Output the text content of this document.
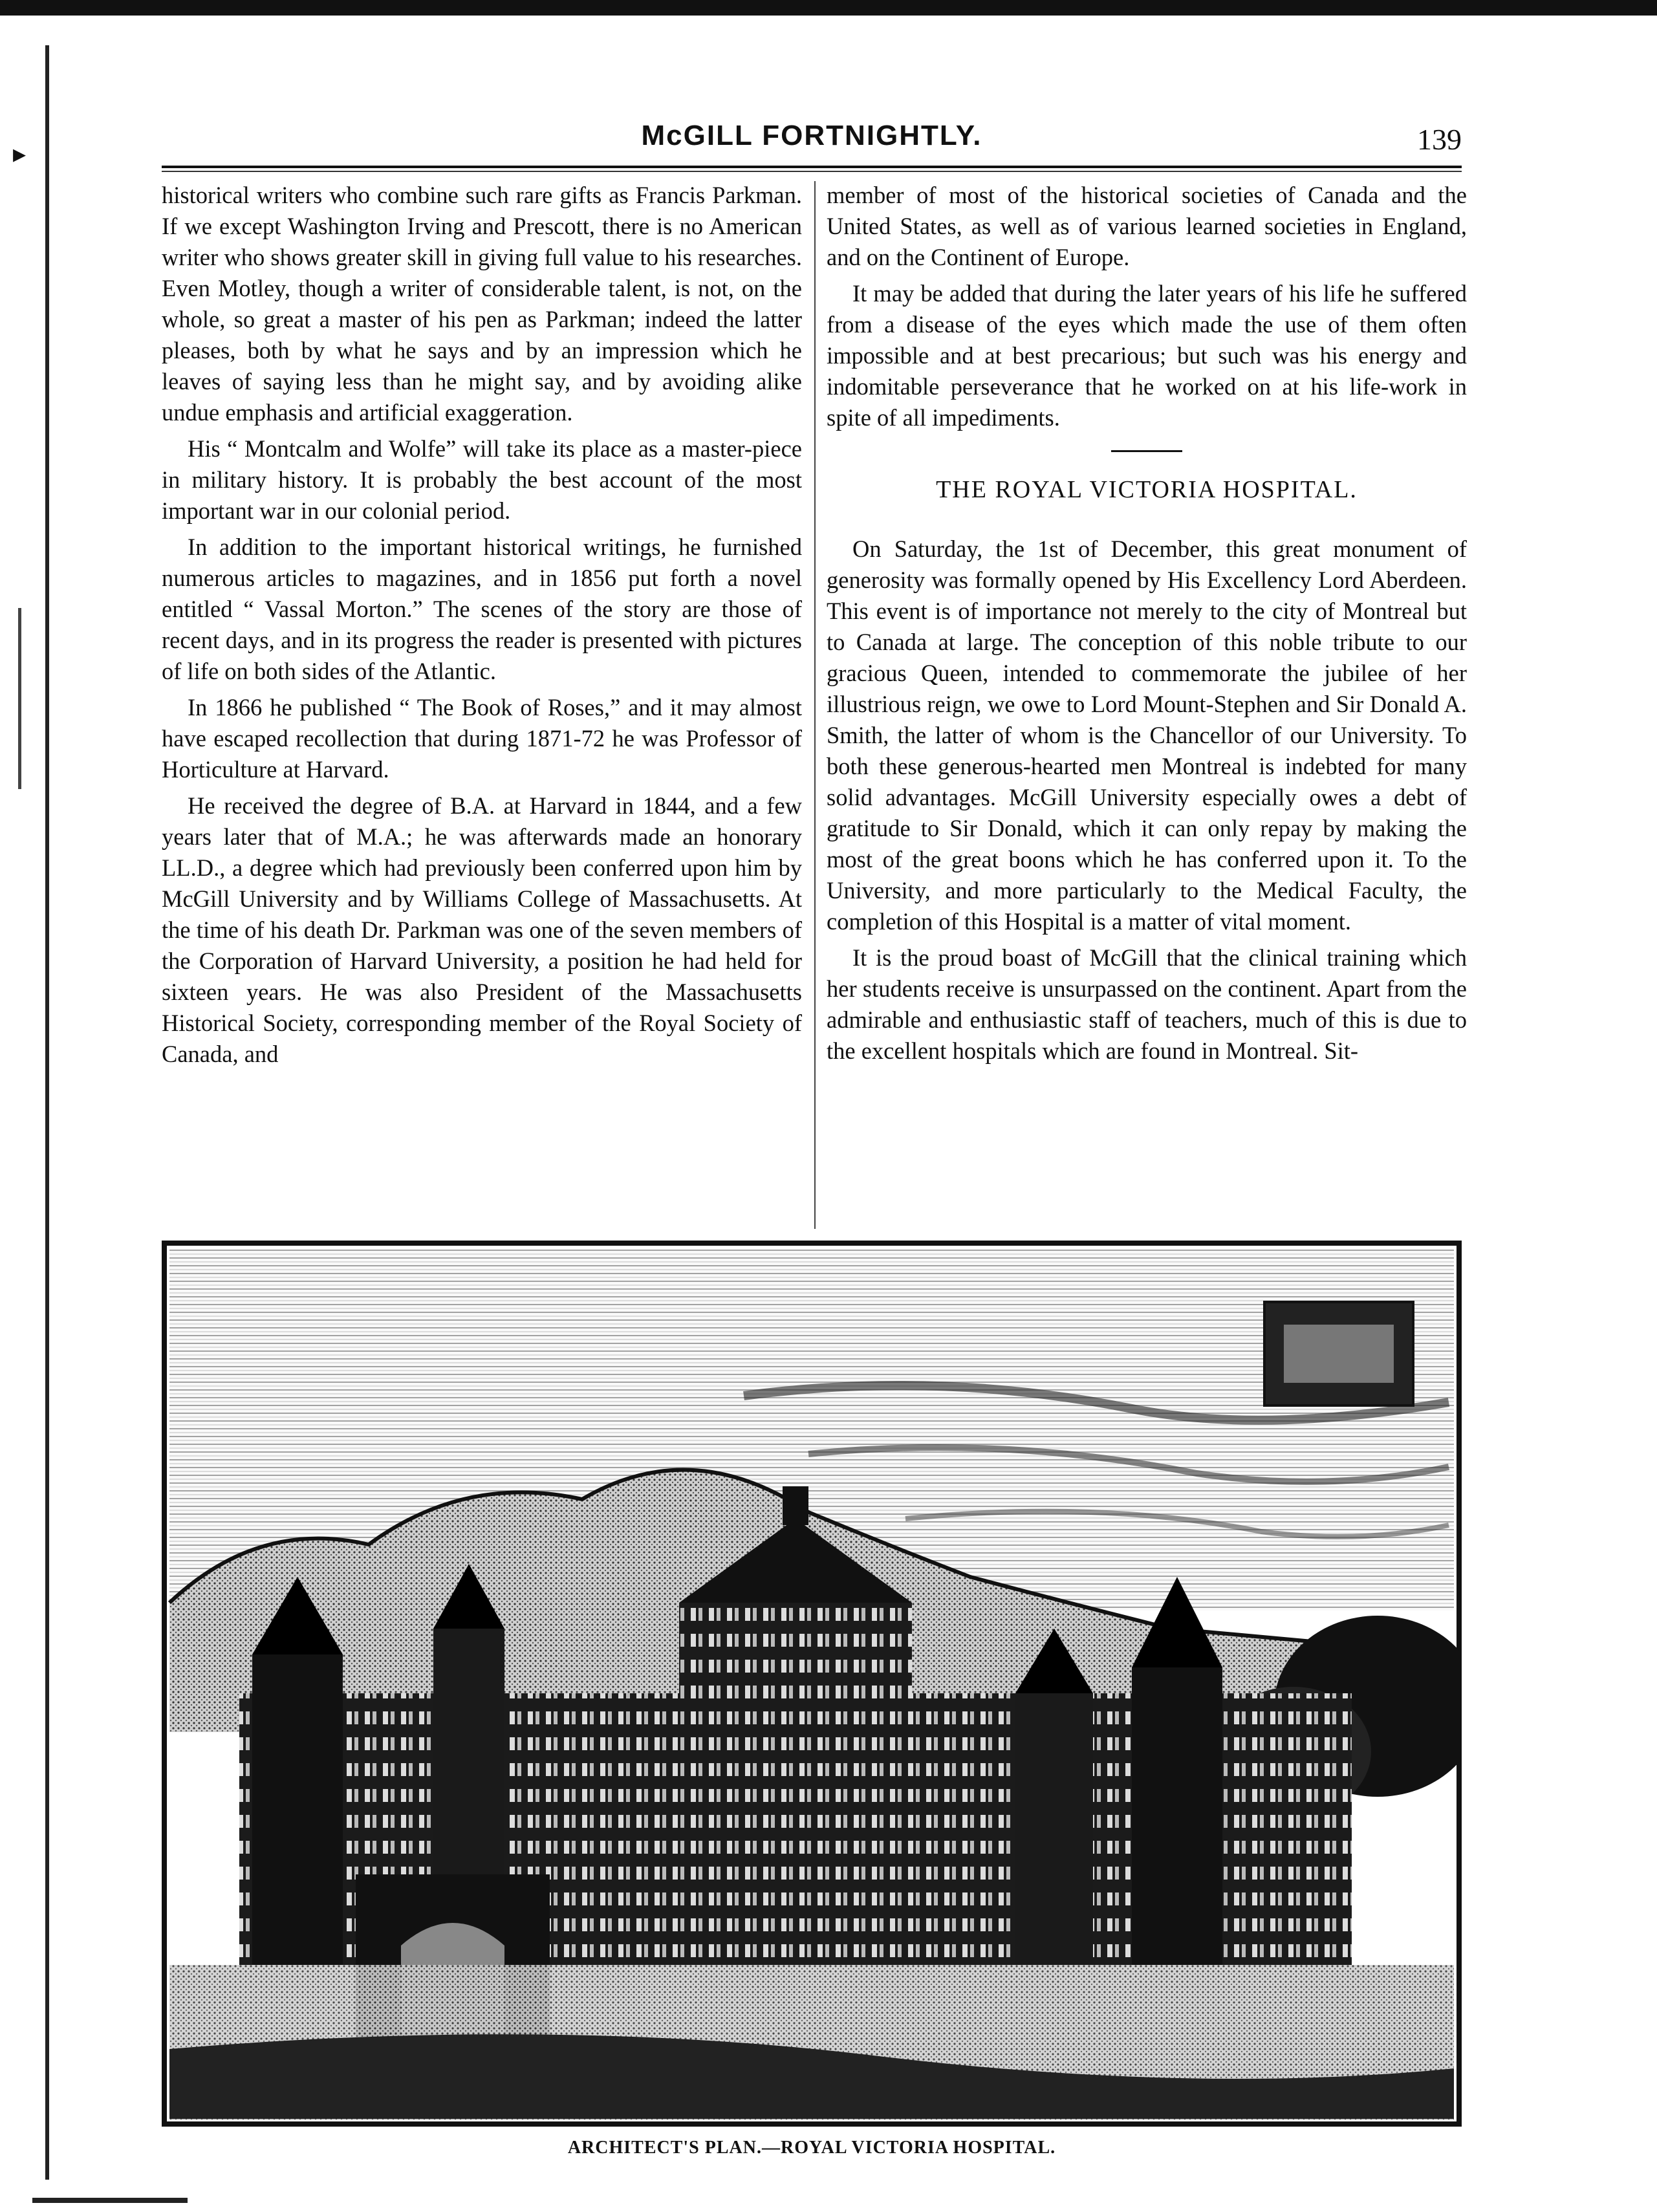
▸
McGILL FORTNIGHTLY.	139

historical writers who combine such rare gifts as Francis Parkman. If we except Washington Irving and Prescott, there is no American writer who shows greater skill in giving full value to his researches. Even Motley, though a writer of considerable talent, is not, on the whole, so great a master of his pen as Parkman; indeed the latter pleases, both by what he says and by an impression which he leaves of saying less than he might say, and by avoiding alike undue emphasis and artificial exaggeration.

His “ Montcalm and Wolfe” will take its place as a master-piece in military history. It is probably the best account of the most important war in our colonial period.

In addition to the important historical writings, he furnished numerous articles to magazines, and in 1856 put forth a novel entitled “ Vassal Morton.” The scenes of the story are those of recent days, and in its progress the reader is presented with pictures of life on both sides of the Atlantic.

In 1866 he published “ The Book of Roses,” and it may almost have escaped recollection that during 1871-72 he was Professor of Horticulture at Harvard.

He received the degree of B.A. at Harvard in 1844, and a few years later that of M.A.; he was afterwards made an honorary LL.D., a degree which had previously been conferred upon him by McGill University and by Williams College of Massachusetts. At the time of his death Dr. Parkman was one of the seven members of the Corporation of Harvard University, a position he had held for sixteen years. He was also President of the Massachusetts Historical Society, corresponding member of the Royal Society of Canada, and

member of most of the historical societies of Canada and the United States, as well as of various learned societies in England, and on the Continent of Europe.

It may be added that during the later years of his life he suffered from a disease of the eyes which made the use of them often impossible and at best precarious; but such was his energy and indomitable perseverance that he worked on at his life-work in spite of all impediments.

THE ROYAL VICTORIA HOSPITAL.

On Saturday, the 1st of December, this great monument of generosity was formally opened by His Excellency Lord Aberdeen. This event is of importance not merely to the city of Montreal but to Canada at large. The conception of this noble tribute to our gracious Queen, intended to commemorate the jubilee of her illustrious reign, we owe to Lord Mount-Stephen and Sir Donald A. Smith, the latter of whom is the Chancellor of our University. To both these generous-hearted men Montreal is indebted for many solid advantages. McGill University especially owes a debt of gratitude to Sir Donald, which it can only repay by making the most of the great boons which he has conferred upon it. To the University, and more particularly to the Medical Faculty, the completion of this Hospital is a matter of vital moment.

It is the proud boast of McGill that the clinical training which her students receive is unsurpassed on the continent. Apart from the admirable and enthusiastic staff of teachers, much of this is due to the excellent hospitals which are found in Montreal. Sit-

ARCHITECT'S PLAN.—ROYAL VICTORIA HOSPITAL.
